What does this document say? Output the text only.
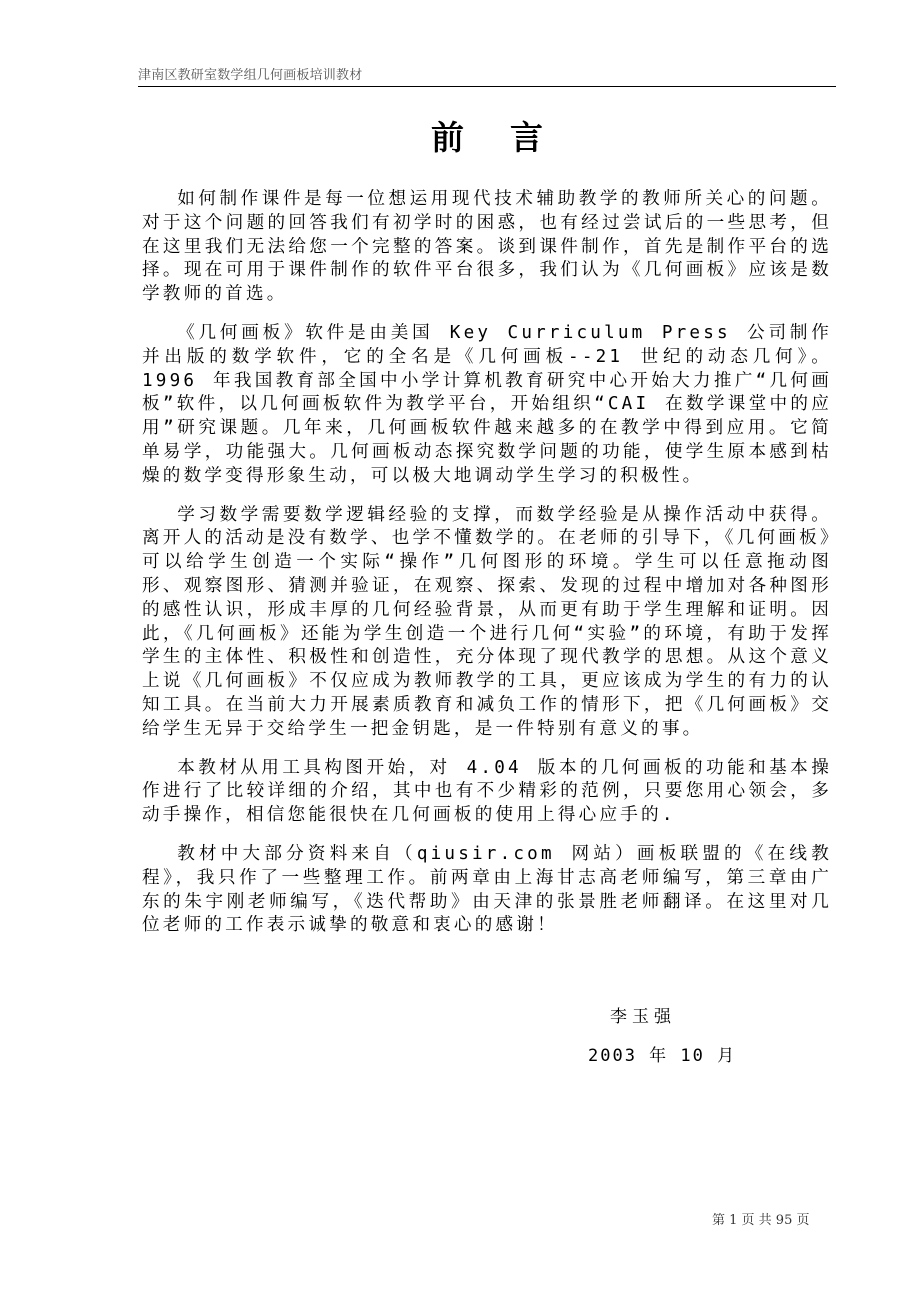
津南区教研室数学组几何画板培训教材
前言

如何制作课件是每一位想运用现代技术辅助教学的教师所关心的问题。对于这个问题的回答我们有初学时的困惑，也有经过尝试后的一些思考，但在这里我们无法给您一个完整的答案。谈到课件制作，首先是制作平台的选择。现在可用于课件制作的软件平台很多，我们认为《几何画板》应该是数学教师的首选。

《几何画板》软件是由美国 Key Curriculum Press 公司制作并出版的数学软件，它的全名是《几何画板--21 世纪的动态几何》。1996 年我国教育部全国中小学计算机教育研究中心开始大力推广“几何画板”软件，以几何画板软件为教学平台，开始组织“CAI 在数学课堂中的应用”研究课题。几年来，几何画板软件越来越多的在教学中得到应用。它简单易学，功能强大。几何画板动态探究数学问题的功能，使学生原本感到枯燥的数学变得形象生动，可以极大地调动学生学习的积极性。

学习数学需要数学逻辑经验的支撑，而数学经验是从操作活动中获得。离开人的活动是没有数学、也学不懂数学的。在老师的引导下，《几何画板》可以给学生创造一个实际“操作”几何图形的环境。学生可以任意拖动图形、观察图形、猜测并验证，在观察、探索、发现的过程中增加对各种图形的感性认识，形成丰厚的几何经验背景，从而更有助于学生理解和证明。因此，《几何画板》还能为学生创造一个进行几何“实验”的环境，有助于发挥学生的主体性、积极性和创造性，充分体现了现代教学的思想。从这个意义上说《几何画板》不仅应成为教师教学的工具，更应该成为学生的有力的认知工具。在当前大力开展素质教育和减负工作的情形下，把《几何画板》交给学生无异于交给学生一把金钥匙，是一件特别有意义的事。

本教材从用工具构图开始，对 4.04 版本的几何画板的功能和基本操作进行了比较详细的介绍，其中也有不少精彩的范例，只要您用心领会，多动手操作，相信您能很快在几何画板的使用上得心应手的.

教材中大部分资料来自（qiusir.com 网站）画板联盟的《在线教程》，我只作了一些整理工作。前两章由上海甘志高老师编写，第三章由广东的朱宇刚老师编写，《迭代帮助》由天津的张景胜老师翻译。在这里对几位老师的工作表示诚挚的敬意和衷心的感谢！

李玉强
2003 年 10 月
第 1 页 共 95 页
